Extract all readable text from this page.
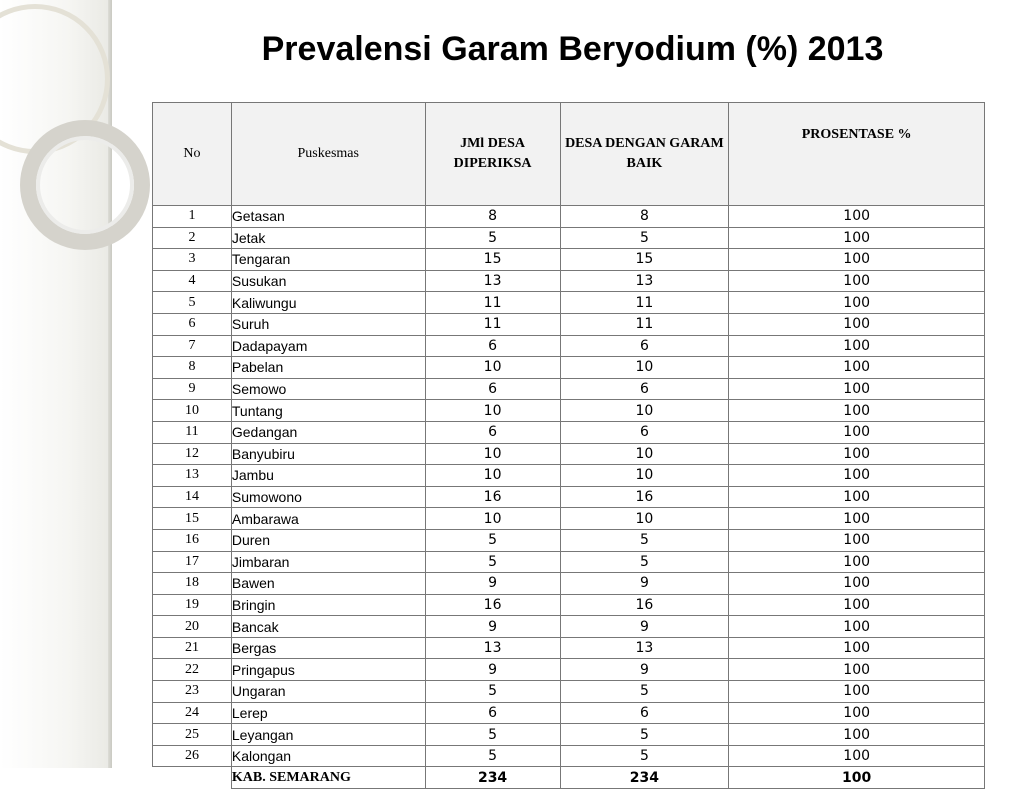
Prevalensi Garam Beryodium (%) 2013
No	Puskesmas	JMl DESA DIPERIKSA	DESA DENGAN GARAM BAIK	PROSENTASE %
1	Getasan	8	8	100
2	Jetak	5	5	100
3	Tengaran	15	15	100
4	Susukan	13	13	100
5	Kaliwungu	11	11	100
6	Suruh	11	11	100
7	Dadapayam	6	6	100
8	Pabelan	10	10	100
9	Semowo	6	6	100
10	Tuntang	10	10	100
11	Gedangan	6	6	100
12	Banyubiru	10	10	100
13	Jambu	10	10	100
14	Sumowono	16	16	100
15	Ambarawa	10	10	100
16	Duren	5	5	100
17	Jimbaran	5	5	100
18	Bawen	9	9	100
19	Bringin	16	16	100
20	Bancak	9	9	100
21	Bergas	13	13	100
22	Pringapus	9	9	100
23	Ungaran	5	5	100
24	Lerep	6	6	100
25	Leyangan	5	5	100
26	Kalongan	5	5	100
	KAB. SEMARANG	234	234	100
